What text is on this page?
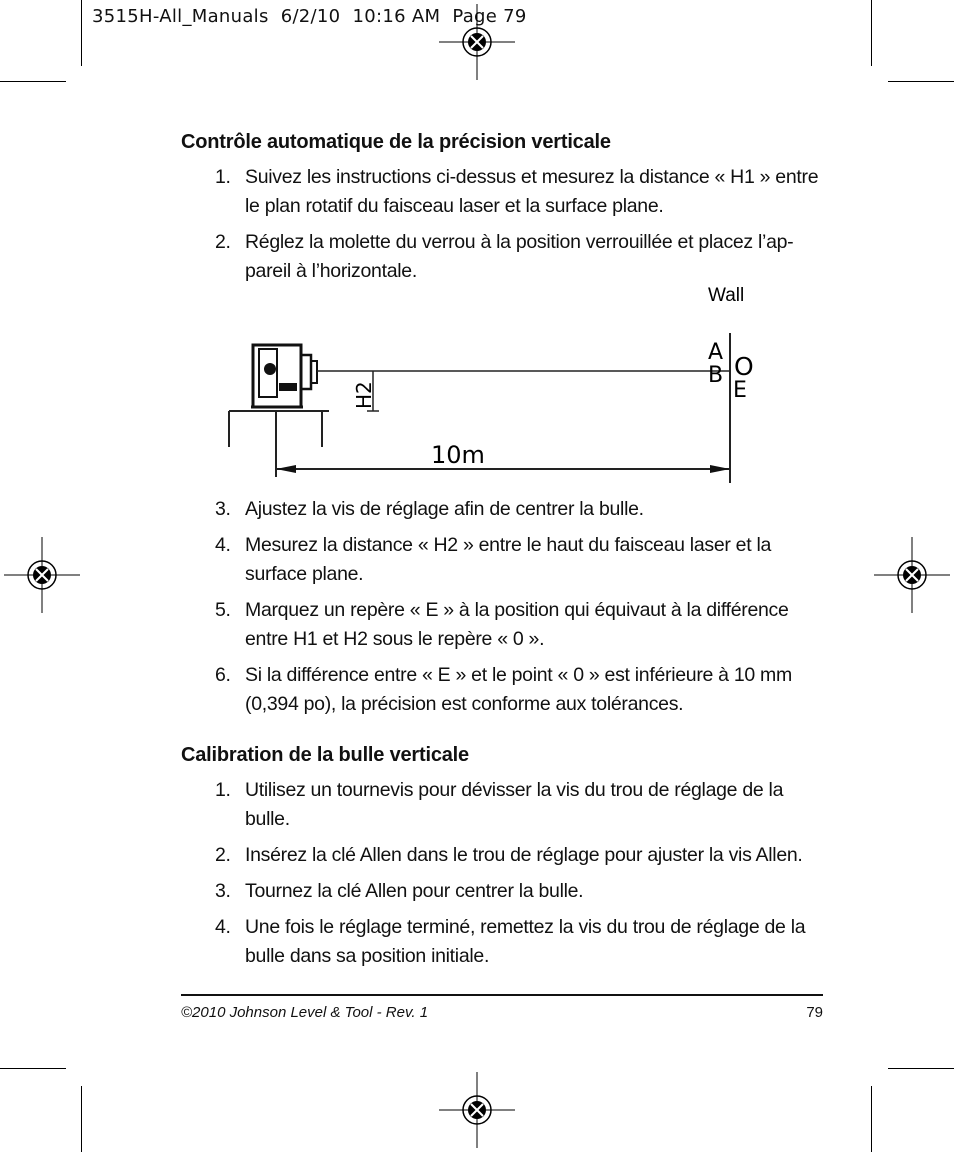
3515H-All_Manuals  6/2/10  10:16 AM  Page 79
Contrôle automatique de la précision verticale
1. Suivez les instructions ci-dessus et mesurez la distance « H1 » entre le plan rotatif du faisceau laser et la surface plane.
2. Réglez la molette du verrou à la position verrouillée et placez l’ap-pareil à l’horizontale.
Wall
A
B O
E
H2
10m
3. Ajustez la vis de réglage afin de centrer la bulle.
4. Mesurez la distance « H2 » entre le haut du faisceau laser et la surface plane.
5. Marquez un repère « E » à la position qui équivaut à la différence entre H1 et H2 sous le repère « 0 ».
6. Si la différence entre « E » et le point « 0 » est inférieure à 10 mm (0,394 po), la précision est conforme aux tolérances.
Calibration de la bulle verticale
1. Utilisez un tournevis pour dévisser la vis du trou de réglage de la bulle.
2. Insérez la clé Allen dans le trou de réglage pour ajuster la vis Allen.
3. Tournez la clé Allen pour centrer la bulle.
4. Une fois le réglage terminé, remettez la vis du trou de réglage de la bulle dans sa position initiale.
©2010 Johnson Level & Tool - Rev. 1	79
